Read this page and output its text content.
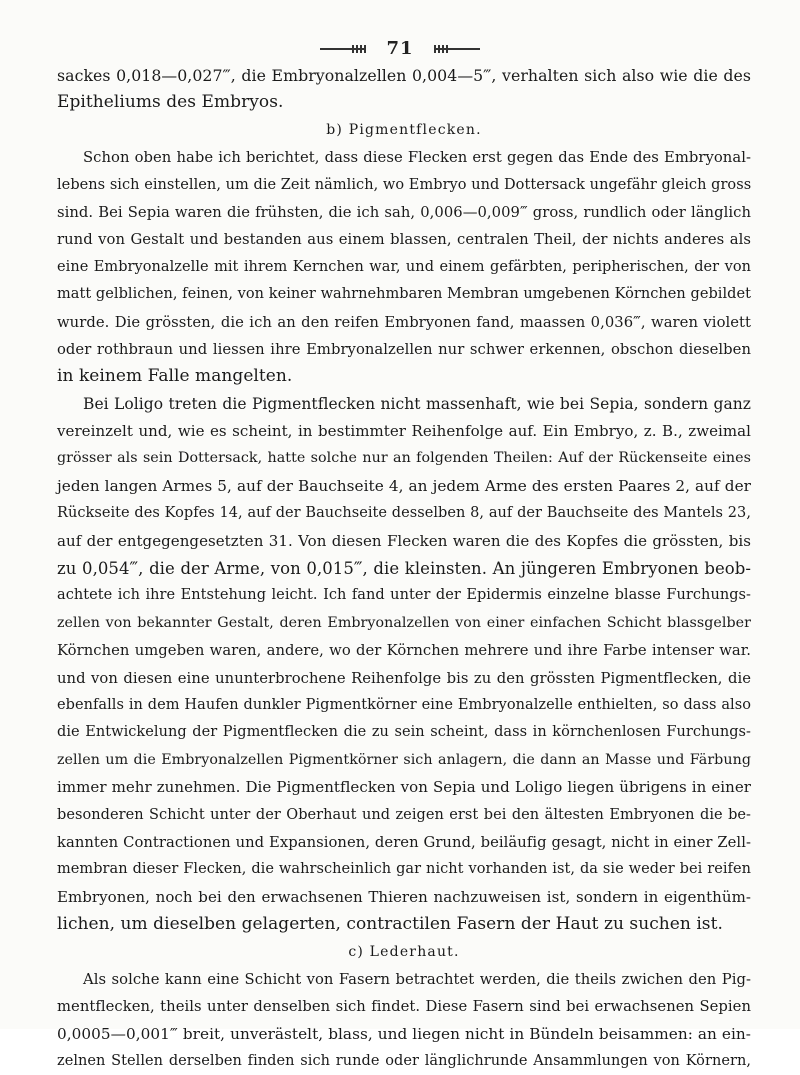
71
sackes 0,018—0,027‴, die Embryonalzellen 0,004—5‴, verhalten sich also wie die des
Epitheliums des Embryos.
b) Pigmentflecken.
Schon oben habe ich berichtet, dass diese Flecken erst gegen das Ende des Embryonal-
lebens sich einstellen, um die Zeit nämlich, wo Embryo und Dottersack ungefähr gleich gross
sind. Bei Sepia waren die frühsten, die ich sah, 0,006—0,009‴ gross, rundlich oder länglich
rund von Gestalt und bestanden aus einem blassen, centralen Theil, der nichts anderes als
eine Embryonalzelle mit ihrem Kernchen war, und einem gefärbten, peripherischen, der von
matt gelblichen, feinen, von keiner wahrnehmbaren Membran umgebenen Körnchen gebildet
wurde. Die grössten, die ich an den reifen Embryonen fand, maassen 0,036‴, waren violett
oder rothbraun und liessen ihre Embryonalzellen nur schwer erkennen, obschon dieselben
in keinem Falle mangelten.
Bei Loligo treten die Pigmentflecken nicht massenhaft, wie bei Sepia, sondern ganz
vereinzelt und, wie es scheint, in bestimmter Reihenfolge auf. Ein Embryo, z. B., zweimal
grösser als sein Dottersack, hatte solche nur an folgenden Theilen: Auf der Rückenseite eines
jeden langen Armes 5, auf der Bauchseite 4, an jedem Arme des ersten Paares 2, auf der
Rückseite des Kopfes 14, auf der Bauchseite desselben 8, auf der Bauchseite des Mantels 23,
auf der entgegengesetzten 31. Von diesen Flecken waren die des Kopfes die grössten, bis
zu 0,054‴, die der Arme, von 0,015‴, die kleinsten. An jüngeren Embryonen beob-
achtete ich ihre Entstehung leicht. Ich fand unter der Epidermis einzelne blasse Furchungs-
zellen von bekannter Gestalt, deren Embryonalzellen von einer einfachen Schicht blassgelber
Körnchen umgeben waren, andere, wo der Körnchen mehrere und ihre Farbe intenser war.
und von diesen eine ununterbrochene Reihenfolge bis zu den grössten Pigmentflecken, die
ebenfalls in dem Haufen dunkler Pigmentkörner eine Embryonalzelle enthielten, so dass also
die Entwickelung der Pigmentflecken die zu sein scheint, dass in körnchenlosen Furchungs-
zellen um die Embryonalzellen Pigmentkörner sich anlagern, die dann an Masse und Färbung
immer mehr zunehmen. Die Pigmentflecken von Sepia und Loligo liegen übrigens in einer
besonderen Schicht unter der Oberhaut und zeigen erst bei den ältesten Embryonen die be-
kannten Contractionen und Expansionen, deren Grund, beiläufig gesagt, nicht in einer Zell-
membran dieser Flecken, die wahrscheinlich gar nicht vorhanden ist, da sie weder bei reifen
Embryonen, noch bei den erwachsenen Thieren nachzuweisen ist, sondern in eigenthüm-
lichen, um dieselben gelagerten, contractilen Fasern der Haut zu suchen ist.
c) Lederhaut.
Als solche kann eine Schicht von Fasern betrachtet werden, die theils zwichen den Pig-
mentflecken, theils unter denselben sich findet. Diese Fasern sind bei erwachsenen Sepien
0,0005—0,001‴ breit, unverästelt, blass, und liegen nicht in Bündeln beisammen: an ein-
zelnen Stellen derselben finden sich runde oder länglichrunde Ansammlungen von Körnern,
